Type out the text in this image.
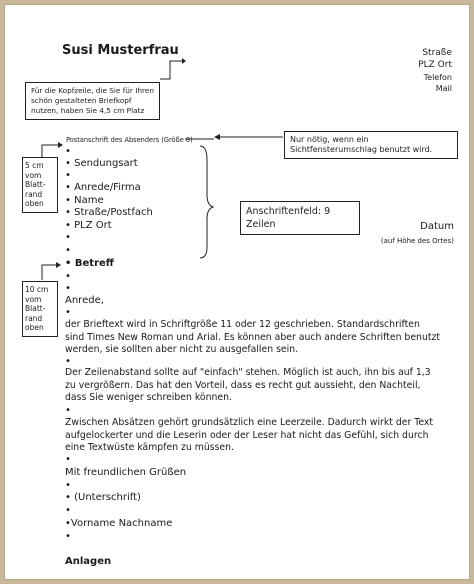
Susi Musterfrau	Straße
PLZ Ort
Telefon
Mail
Für die Kopfzeile, die Sie für Ihren schön gestalteten Briefkopf nutzen, haben Sie 4,5 cm Platz
Nur nötig, wenn ein Sichtfensterumschlag benutzt wird.
Postanschrift des Absenders (Größe 8)
5 cm
vom
Blatt-
rand
oben
10 cm
vom
Blatt-
rand
oben
•
• Sendungsart
•
• Anrede/Firma
• Name
• Straße/Postfach
• PLZ Ort
•
•
Anschriftenfeld: 9 Zeilen	Datum
(auf Höhe des Ortes)
• Betreff
•
•
Anrede,
•
der Brieftext wird in Schriftgröße 11 oder 12 geschrieben. Standardschriften sind Times New Roman und Arial. Es können aber auch andere Schriften benutzt werden, sie sollten aber nicht zu ausgefallen sein.
•
Der Zeilenabstand sollte auf "einfach" stehen. Möglich ist auch, ihn bis auf 1,3 zu vergrößern. Das hat den Vorteil, dass es recht gut aussieht, den Nachteil, dass Sie weniger schreiben können.
•
Zwischen Absätzen gehört grundsätzlich eine Leerzeile. Dadurch wirkt der Text aufgelockerter und die Leserin oder der Leser hat nicht das Gefühl, sich durch eine Textwüste kämpfen zu müssen.
•
Mit freundlichen Grüßen
•
• (Unterschrift)
•
•Vorname Nachname
•
Anlagen
